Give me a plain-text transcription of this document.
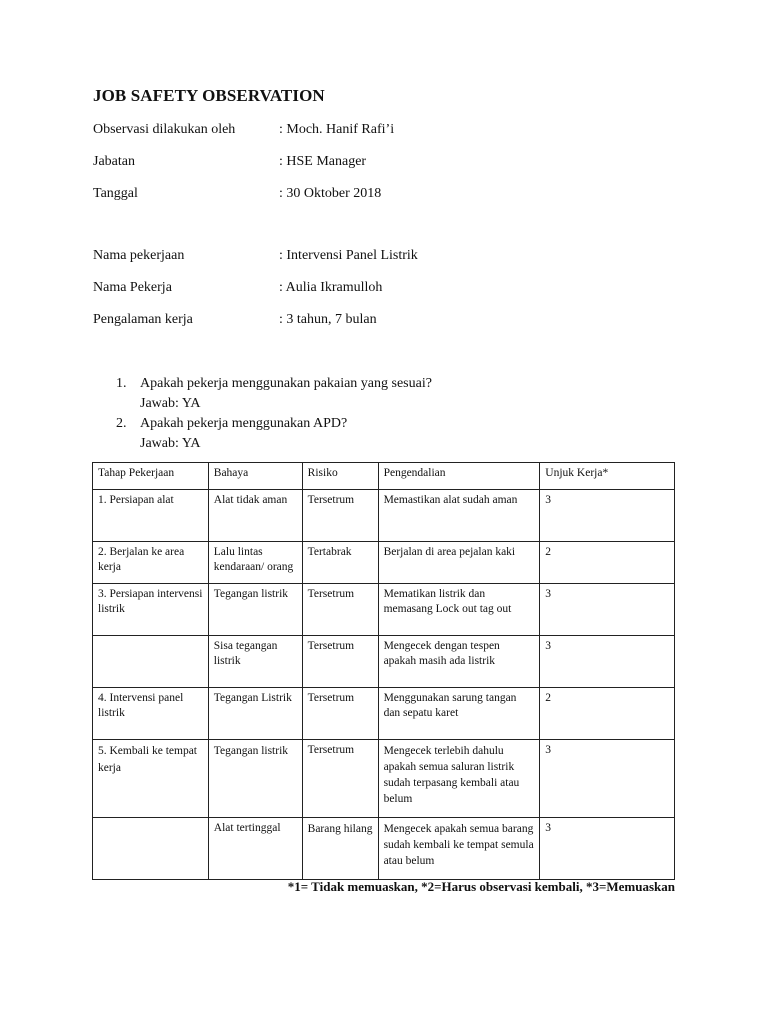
JOB SAFETY OBSERVATION
Observasi dilakukan oleh	: Moch. Hanif Rafi’i
Jabatan	: HSE Manager
Tanggal	: 30 Oktober 2018
Nama pekerjaan	: Intervensi Panel Listrik
Nama Pekerja	: Aulia Ikramulloh
Pengalaman kerja	: 3 tahun, 7 bulan
1. Apakah pekerja menggunakan pakaian yang sesuai?
Jawab: YA
2. Apakah pekerja menggunakan APD?
Jawab: YA
Tahap Pekerjaan	Bahaya	Risiko	Pengendalian	Unjuk Kerja*
1. Persiapan alat	Alat tidak aman	Tersetrum	Memastikan alat sudah aman	3
2. Berjalan ke area kerja	Lalu lintas kendaraan/ orang	Tertabrak	Berjalan di area pejalan kaki	2
3. Persiapan intervensi listrik	Tegangan listrik	Tersetrum	Mematikan listrik dan memasang Lock out tag out	3
	Sisa tegangan listrik	Tersetrum	Mengecek dengan tespen apakah masih ada listrik	3
4. Intervensi panel listrik	Tegangan Listrik	Tersetrum	Menggunakan sarung tangan dan sepatu karet	2
5. Kembali ke tempat kerja	Tegangan listrik	Tersetrum	Mengecek terlebih dahulu apakah semua saluran listrik sudah terpasang kembali atau belum	3
	Alat tertinggal	Barang hilang	Mengecek apakah semua barang sudah kembali ke tempat semula atau belum	3
*1= Tidak memuaskan, *2=Harus observasi kembali, *3=Memuaskan
